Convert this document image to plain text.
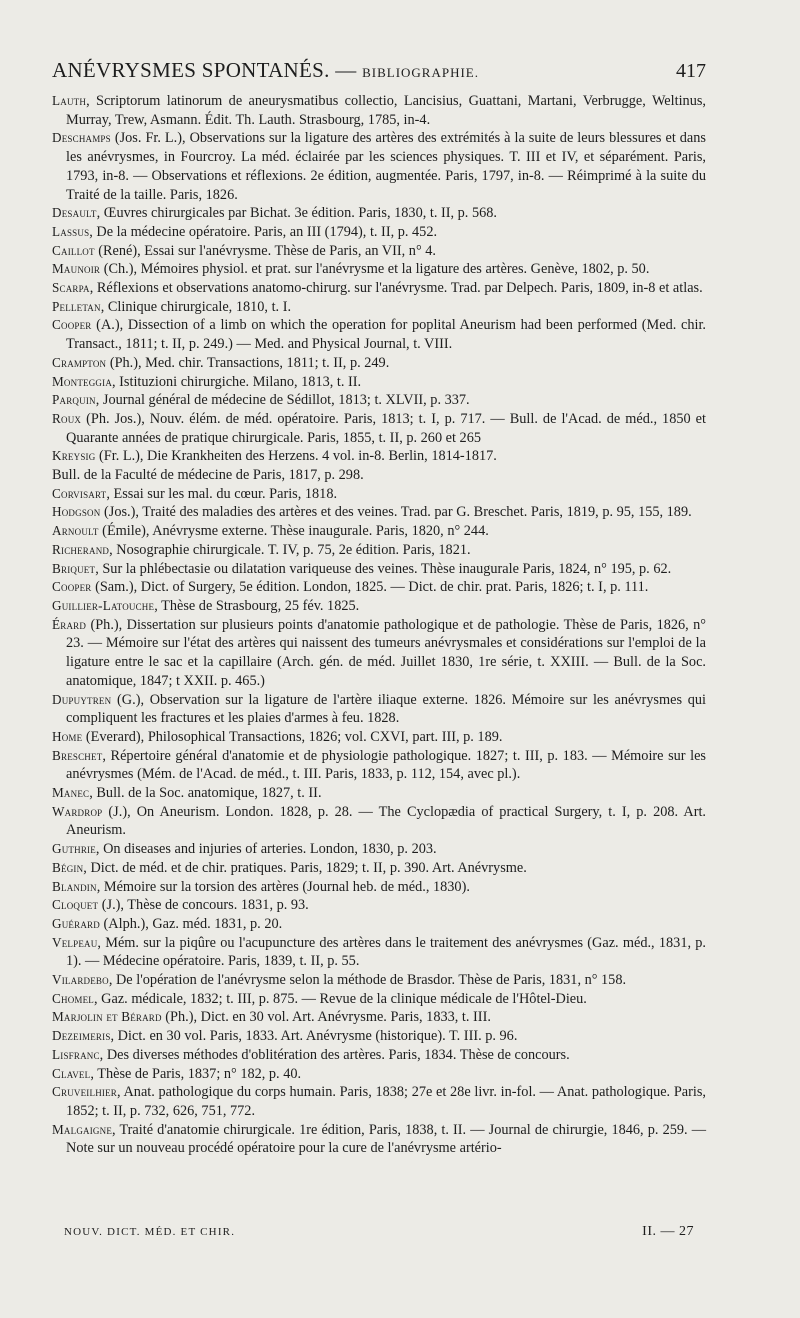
ANÉVRYSMES SPONTANÉS. — BIBLIOGRAPHIE.	417

Lauth, Scriptorum latinorum de aneurysmatibus collectio, Lancisius, Guattani, Martani, Verbrugge, Weltinus, Murray, Trew, Asmann. Édit. Th. Lauth. Strasbourg, 1785, in-4.

Deschamps (Jos. Fr. L.), Observations sur la ligature des artères des extrémités à la suite de leurs blessures et dans les anévrysmes, in Fourcroy. La méd. éclairée par les sciences physiques. T. III et IV, et séparément. Paris, 1793, in-8. — Observations et réflexions. 2e édition, augmentée. Paris, 1797, in-8. — Réimprimé à la suite du Traité de la taille. Paris, 1826.

Desault, Œuvres chirurgicales par Bichat. 3e édition. Paris, 1830, t. II, p. 568.

Lassus, De la médecine opératoire. Paris, an III (1794), t. II, p. 452.

Caillot (René), Essai sur l'anévrysme. Thèse de Paris, an VII, n° 4.

Maunoir (Ch.), Mémoires physiol. et prat. sur l'anévrysme et la ligature des artères. Genève, 1802, p. 50.

Scarpa, Réflexions et observations anatomo-chirurg. sur l'anévrysme. Trad. par Delpech. Paris, 1809, in-8 et atlas.

Pelletan, Clinique chirurgicale, 1810, t. I.

Cooper (A.), Dissection of a limb on which the operation for poplital Aneurism had been performed (Med. chir. Transact., 1811; t. II, p. 249.) — Med. and Physical Journal, t. VIII.

Crampton (Ph.), Med. chir. Transactions, 1811; t. II, p. 249.

Monteggia, Istituzioni chirurgiche. Milano, 1813, t. II.

Parquin, Journal général de médecine de Sédillot, 1813; t. XLVII, p. 337.

Roux (Ph. Jos.), Nouv. élém. de méd. opératoire. Paris, 1813; t. I, p. 717. — Bull. de l'Acad. de méd., 1850 et Quarante années de pratique chirurgicale. Paris, 1855, t. II, p. 260 et 265

Kreysig (Fr. L.), Die Krankheiten des Herzens. 4 vol. in-8. Berlin, 1814-1817.

Bull. de la Faculté de médecine de Paris, 1817, p. 298.

Corvisart, Essai sur les mal. du cœur. Paris, 1818.

Hodgson (Jos.), Traité des maladies des artères et des veines. Trad. par G. Breschet. Paris, 1819, p. 95, 155, 189.

Arnoult (Émile), Anévrysme externe. Thèse inaugurale. Paris, 1820, n° 244.

Richerand, Nosographie chirurgicale. T. IV, p. 75, 2e édition. Paris, 1821.

Briquet, Sur la phlébectasie ou dilatation variqueuse des veines. Thèse inaugurale Paris, 1824, n° 195, p. 62.

Cooper (Sam.), Dict. of Surgery, 5e édition. London, 1825. — Dict. de chir. prat. Paris, 1826; t. I, p. 111.

Guillier-Latouche, Thèse de Strasbourg, 25 fév. 1825.

Érard (Ph.), Dissertation sur plusieurs points d'anatomie pathologique et de pathologie. Thèse de Paris, 1826, n° 23. — Mémoire sur l'état des artères qui naissent des tumeurs anévrysmales et considérations sur l'emploi de la ligature entre le sac et la capillaire (Arch. gén. de méd. Juillet 1830, 1re série, t. XXIII. — Bull. de la Soc. anatomique, 1847; t XXII. p. 465.)

Dupuytren (G.), Observation sur la ligature de l'artère iliaque externe. 1826. Mémoire sur les anévrysmes qui compliquent les fractures et les plaies d'armes à feu. 1828.

Home (Everard), Philosophical Transactions, 1826; vol. CXVI, part. III, p. 189.

Breschet, Répertoire général d'anatomie et de physiologie pathologique. 1827; t. III, p. 183. — Mémoire sur les anévrysmes (Mém. de l'Acad. de méd., t. III. Paris, 1833, p. 112, 154, avec pl.).

Manec, Bull. de la Soc. anatomique, 1827, t. II.

Wardrop (J.), On Aneurism. London. 1828, p. 28. — The Cyclopædia of practical Surgery, t. I, p. 208. Art. Aneurism.

Guthrie, On diseases and injuries of arteries. London, 1830, p. 203.

Bégin, Dict. de méd. et de chir. pratiques. Paris, 1829; t. II, p. 390. Art. Anévrysme.

Blandin, Mémoire sur la torsion des artères (Journal heb. de méd., 1830).

Cloquet (J.), Thèse de concours. 1831, p. 93.

Guérard (Alph.), Gaz. méd. 1831, p. 20.

Velpeau, Mém. sur la piqûre ou l'acupuncture des artères dans le traitement des anévrysmes (Gaz. méd., 1831, p. 1). — Médecine opératoire. Paris, 1839, t. II, p. 55.

Vilardebo, De l'opération de l'anévrysme selon la méthode de Brasdor. Thèse de Paris, 1831, n° 158.

Chomel, Gaz. médicale, 1832; t. III, p. 875. — Revue de la clinique médicale de l'Hôtel-Dieu.

Marjolin et Bérard (Ph.), Dict. en 30 vol. Art. Anévrysme. Paris, 1833, t. III.

Dezeimeris, Dict. en 30 vol. Paris, 1833. Art. Anévrysme (historique). T. III. p. 96.

Lisfranc, Des diverses méthodes d'oblitération des artères. Paris, 1834. Thèse de concours.

Clavel, Thèse de Paris, 1837; n° 182, p. 40.

Cruveilhier, Anat. pathologique du corps humain. Paris, 1838; 27e et 28e livr. in-fol. — Anat. pathologique. Paris, 1852; t. II, p. 732, 626, 751, 772.

Malgaigne, Traité d'anatomie chirurgicale. 1re édition, Paris, 1838, t. II. — Journal de chirurgie, 1846, p. 259. — Note sur un nouveau procédé opératoire pour la cure de l'anévrysme artério-

NOUV. DICT. MÉD. ET CHIR.	II. — 27
